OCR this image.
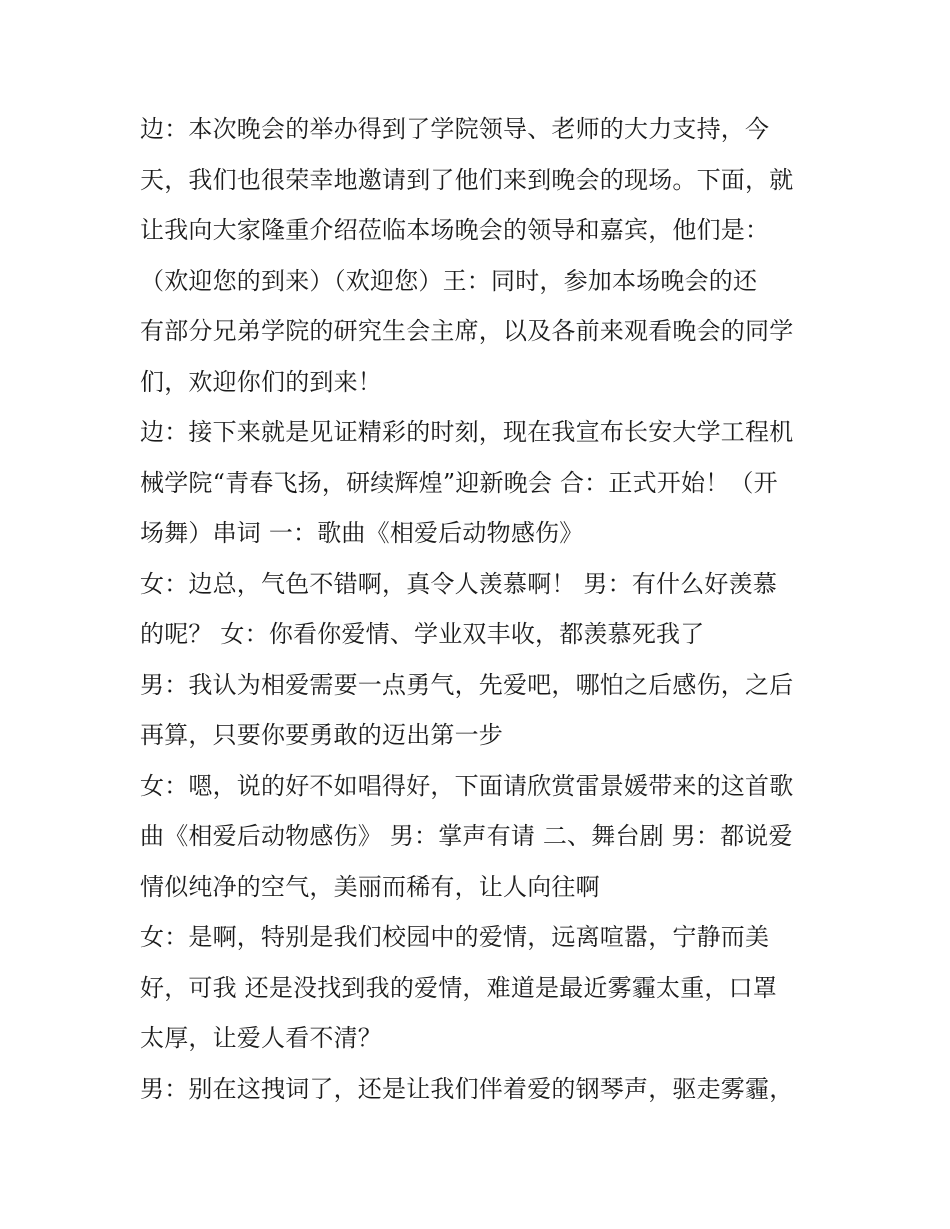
边：本次晚会的举办得到了学院领导、老师的大力支持，今
天，我们也很荣幸地邀请到了他们来到晚会的现场。下面，就
让我向大家隆重介绍莅临本场晚会的领导和嘉宾，他们是：
（欢迎您的到来）（欢迎您）王：同时，参加本场晚会的还
有部分兄弟学院的研究生会主席，以及各前来观看晚会的同学
们，欢迎你们的到来！
边：接下来就是见证精彩的时刻，现在我宣布长安大学工程机
械学院“青春飞扬，研续辉煌”迎新晚会 合：正式开始！（开
场舞）串词 一：歌曲《相爱后动物感伤》
女：边总，气色不错啊，真令人羡慕啊！ 男：有什么好羡慕
的呢？ 女：你看你爱情、学业双丰收，都羡慕死我了
男：我认为相爱需要一点勇气，先爱吧，哪怕之后感伤，之后
再算，只要你要勇敢的迈出第一步
女：嗯，说的好不如唱得好，下面请欣赏雷景媛带来的这首歌
曲《相爱后动物感伤》 男：掌声有请 二、舞台剧 男：都说爱
情似纯净的空气，美丽而稀有，让人向往啊
女：是啊，特别是我们校园中的爱情，远离喧嚣，宁静而美
好，可我 还是没找到我的爱情，难道是最近雾霾太重，口罩
太厚，让爱人看不清？
男：别在这拽词了，还是让我们伴着爱的钢琴声，驱走雾霾，
